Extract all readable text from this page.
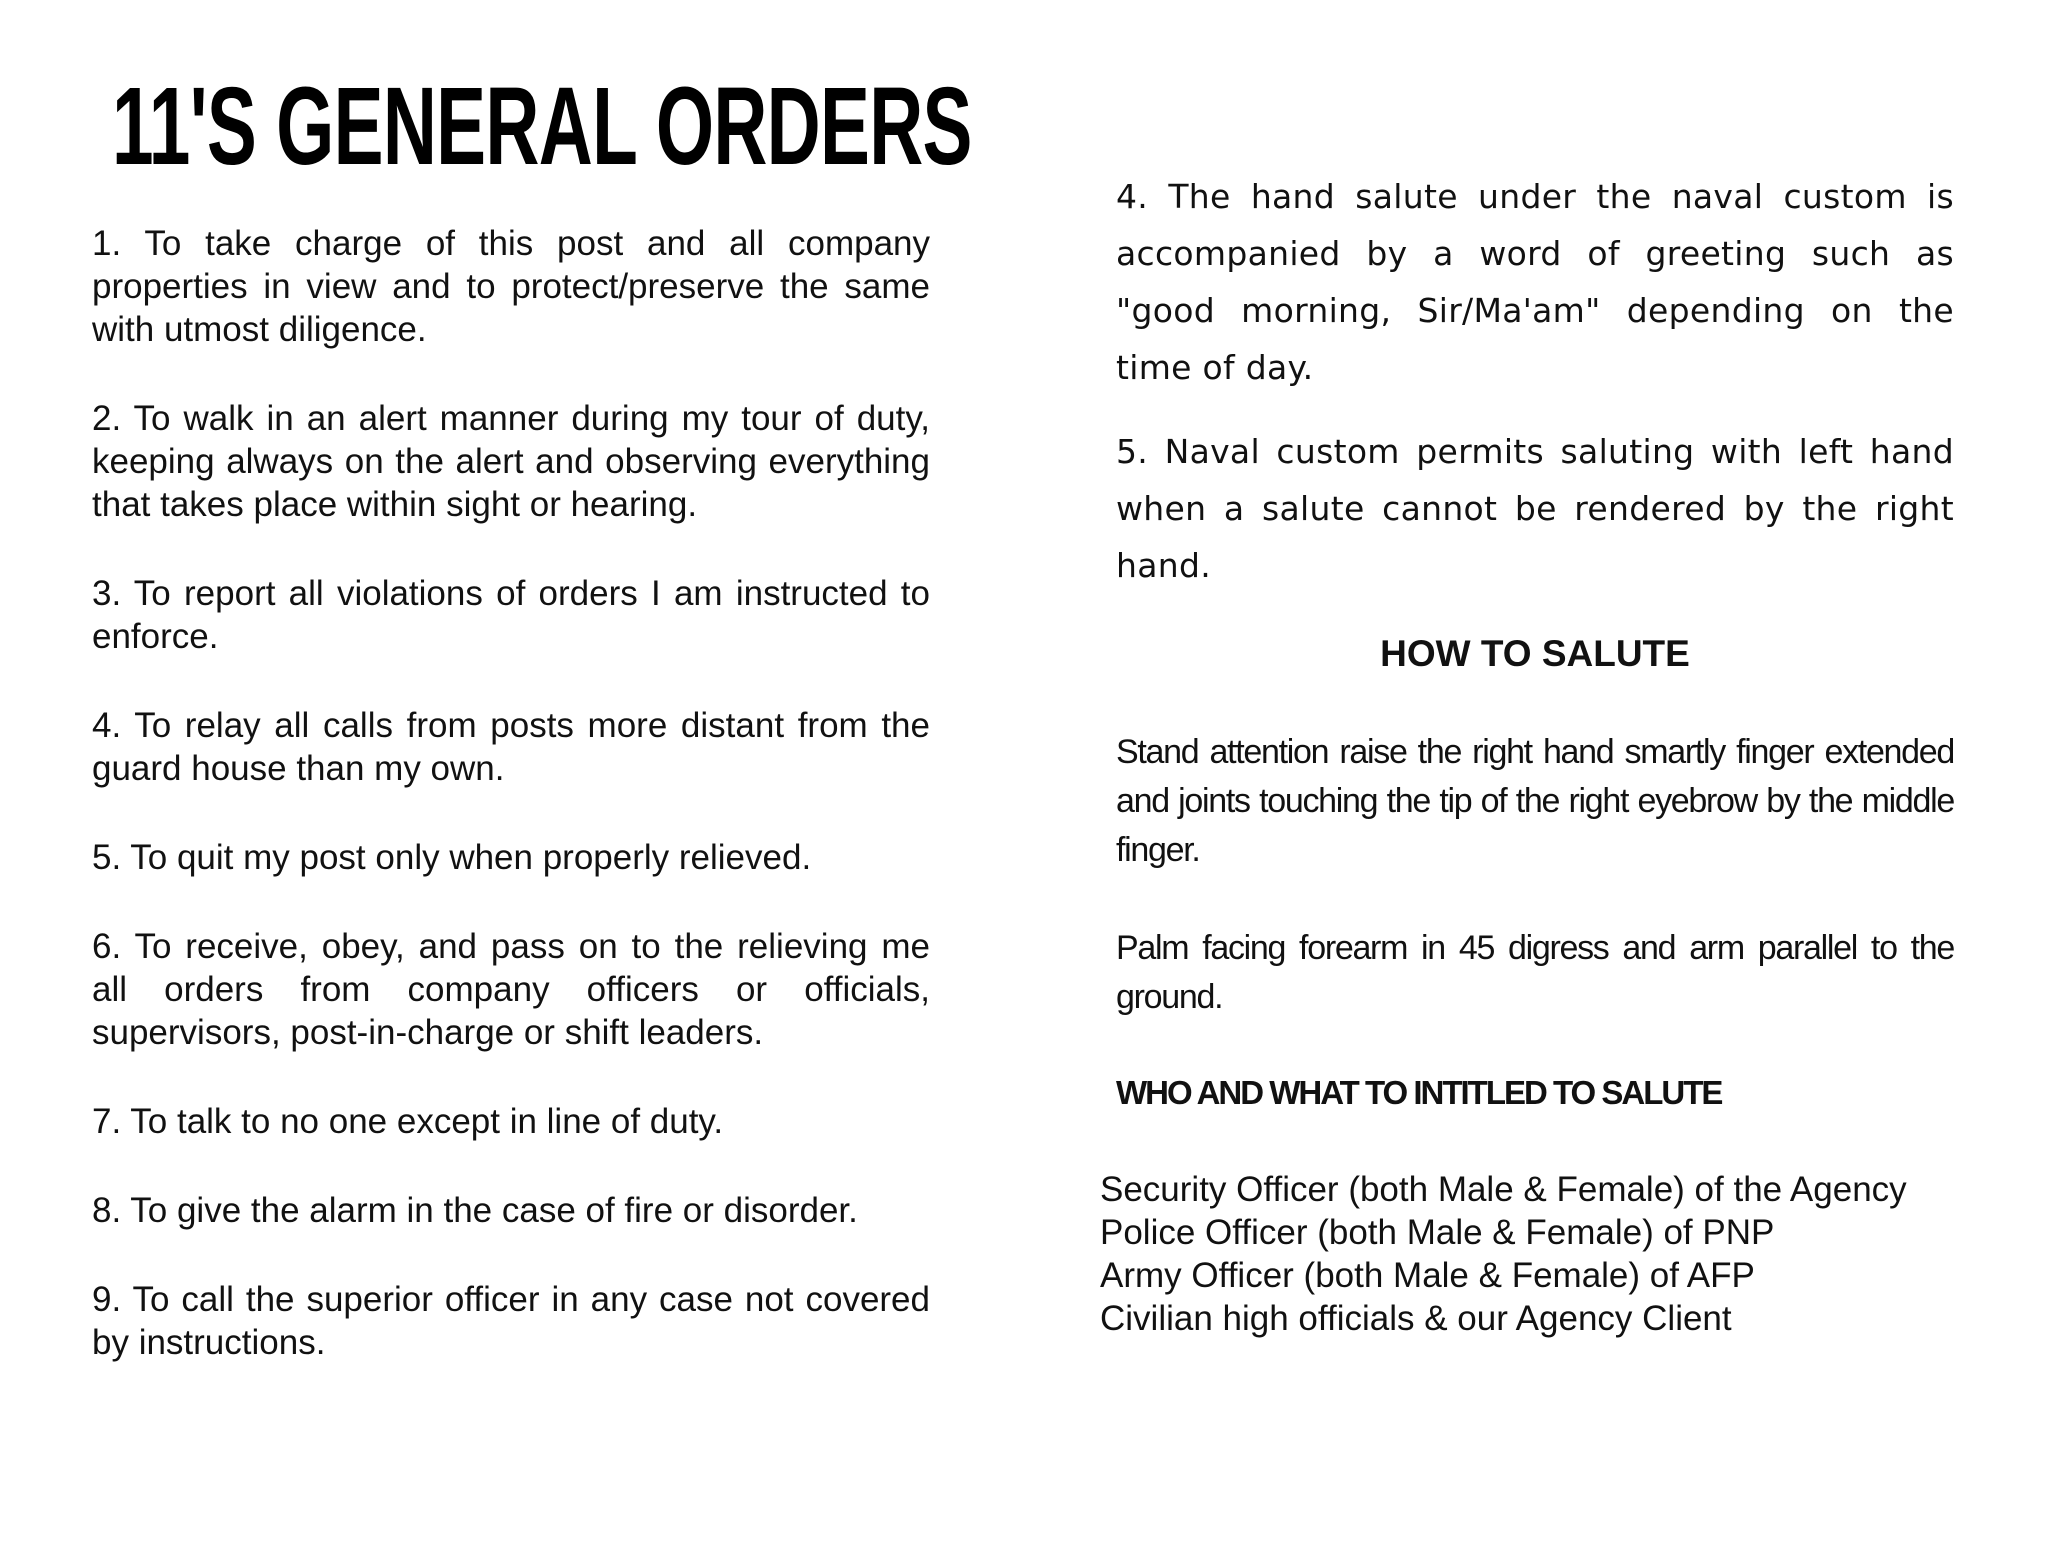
11'S GENERAL ORDERS

1. To take charge of this post and all company properties in view and to protect/preserve the same with utmost diligence.

2. To walk in an alert manner during my tour of duty, keeping always on the alert and observing everything that takes place within sight or hearing.

3. To report all violations of orders I am instructed to enforce.

4. To relay all calls from posts more distant from the guard house than my own.

5. To quit my post only when properly relieved.

6. To receive, obey, and pass on to the relieving me all orders from company officers or officials, supervisors, post-in-charge or shift leaders.

7. To talk to no one except in line of duty.

8. To give the alarm in the case of fire or disorder.

9. To call the superior officer in any case not covered by instructions.

4. The hand salute under the naval custom is accompanied by a word of greeting such as "good morning, Sir/Ma'am" depending on the time of day.

5. Naval custom permits saluting with left hand when a salute cannot be rendered by the right hand.

HOW TO SALUTE

Stand attention raise the right hand smartly finger extended and joints touching the tip of the right eyebrow by the middle finger.

Palm facing forearm in 45 digress and arm parallel to the ground.

WHO AND WHAT TO INTITLED TO SALUTE
Security Officer (both Male & Female) of the Agency
Police Officer (both Male & Female) of PNP
Army Officer (both Male & Female) of AFP
Civilian high officials & our Agency Client
